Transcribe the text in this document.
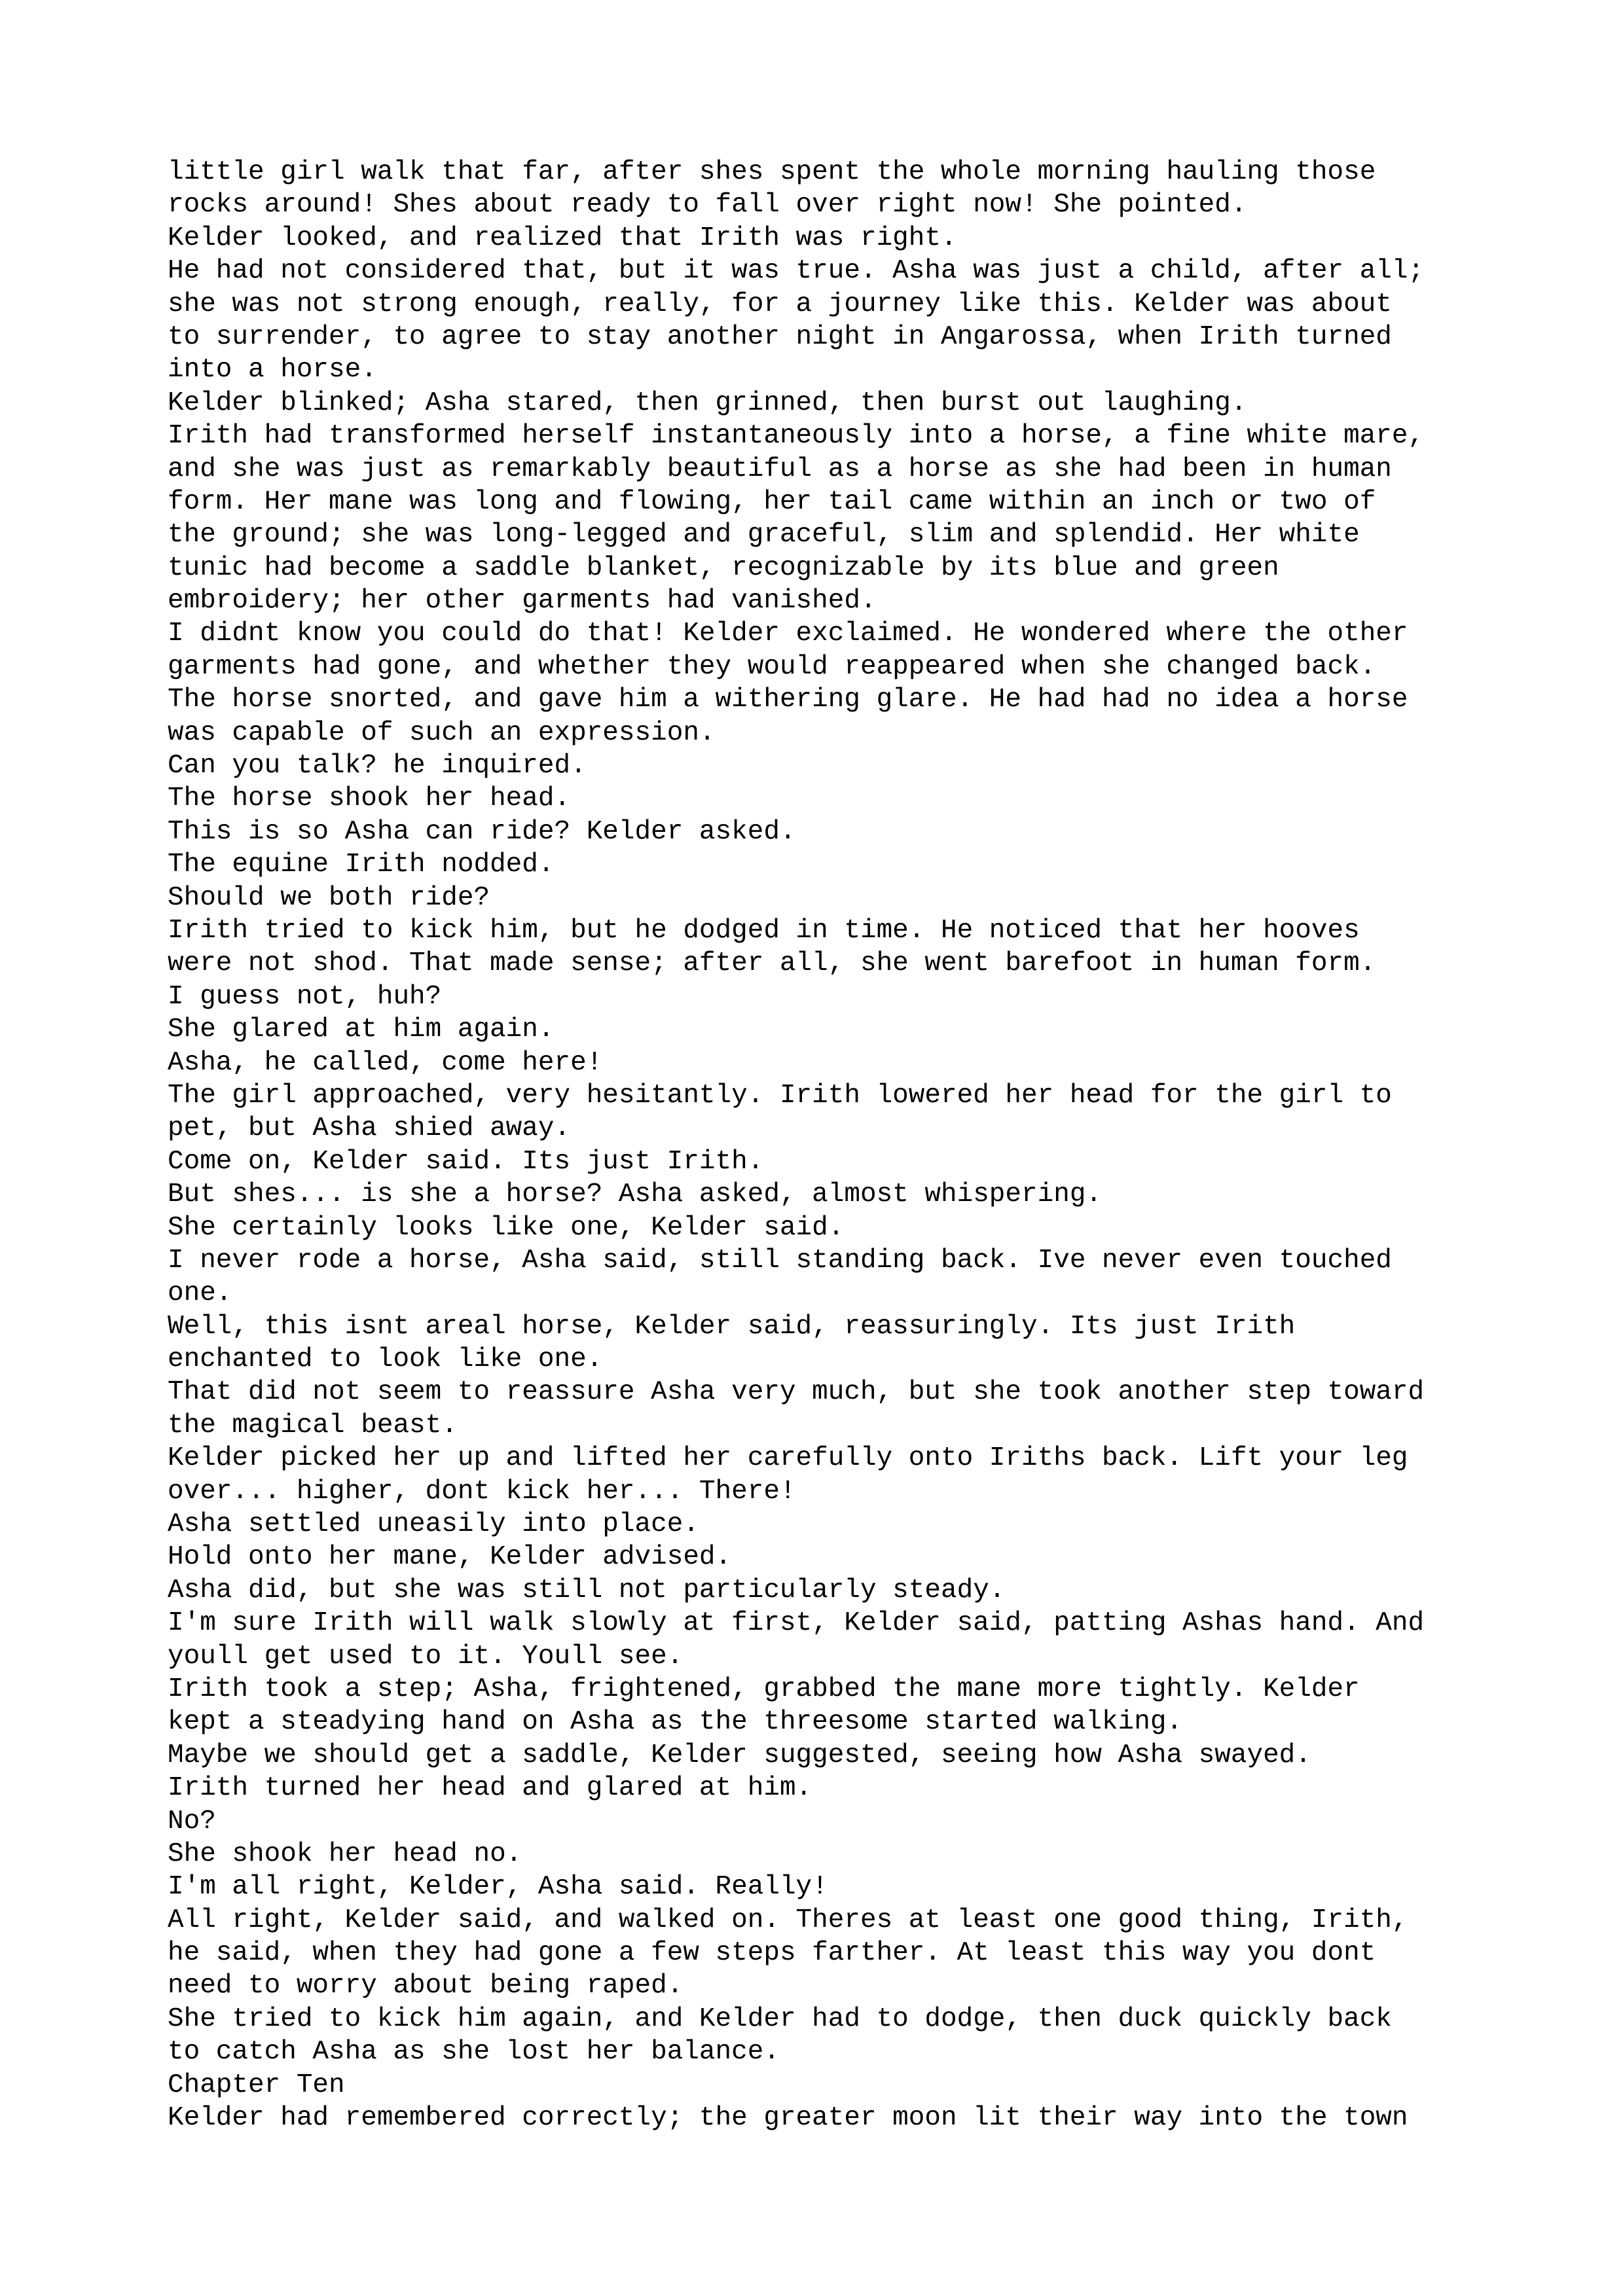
little girl walk that far, after shes spent the whole morning hauling those
rocks around! Shes about ready to fall over right now! She pointed.
Kelder looked, and realized that Irith was right.
He had not considered that, but it was true. Asha was just a child, after all;
she was not strong enough, really, for a journey like this. Kelder was about
to surrender, to agree to stay another night in Angarossa, when Irith turned
into a horse.
Kelder blinked; Asha stared, then grinned, then burst out laughing.
Irith had transformed herself instantaneously into a horse, a fine white mare,
and she was just as remarkably beautiful as a horse as she had been in human
form. Her mane was long and flowing, her tail came within an inch or two of
the ground; she was long-legged and graceful, slim and splendid. Her white
tunic had become a saddle blanket, recognizable by its blue and green
embroidery; her other garments had vanished.
I didnt know you could do that! Kelder exclaimed. He wondered where the other
garments had gone, and whether they would reappeared when she changed back.
The horse snorted, and gave him a withering glare. He had had no idea a horse
was capable of such an expression.
Can you talk? he inquired.
The horse shook her head.
This is so Asha can ride? Kelder asked.
The equine Irith nodded.
Should we both ride?
Irith tried to kick him, but he dodged in time. He noticed that her hooves
were not shod. That made sense; after all, she went barefoot in human form.
I guess not, huh?
She glared at him again.
Asha, he called, come here!
The girl approached, very hesitantly. Irith lowered her head for the girl to
pet, but Asha shied away.
Come on, Kelder said. Its just Irith.
But shes... is she a horse? Asha asked, almost whispering.
She certainly looks like one, Kelder said.
I never rode a horse, Asha said, still standing back. Ive never even touched
one.
Well, this isnt areal horse, Kelder said, reassuringly. Its just Irith
enchanted to look like one.
That did not seem to reassure Asha very much, but she took another step toward
the magical beast.
Kelder picked her up and lifted her carefully onto Iriths back. Lift your leg
over... higher, dont kick her... There!
Asha settled uneasily into place.
Hold onto her mane, Kelder advised.
Asha did, but she was still not particularly steady.
I'm sure Irith will walk slowly at first, Kelder said, patting Ashas hand. And
youll get used to it. Youll see.
Irith took a step; Asha, frightened, grabbed the mane more tightly. Kelder
kept a steadying hand on Asha as the threesome started walking.
Maybe we should get a saddle, Kelder suggested, seeing how Asha swayed.
Irith turned her head and glared at him.
No?
She shook her head no.
I'm all right, Kelder, Asha said. Really!
All right, Kelder said, and walked on. Theres at least one good thing, Irith,
he said, when they had gone a few steps farther. At least this way you dont
need to worry about being raped.
She tried to kick him again, and Kelder had to dodge, then duck quickly back
to catch Asha as she lost her balance.
Chapter Ten
Kelder had remembered correctly; the greater moon lit their way into the town
